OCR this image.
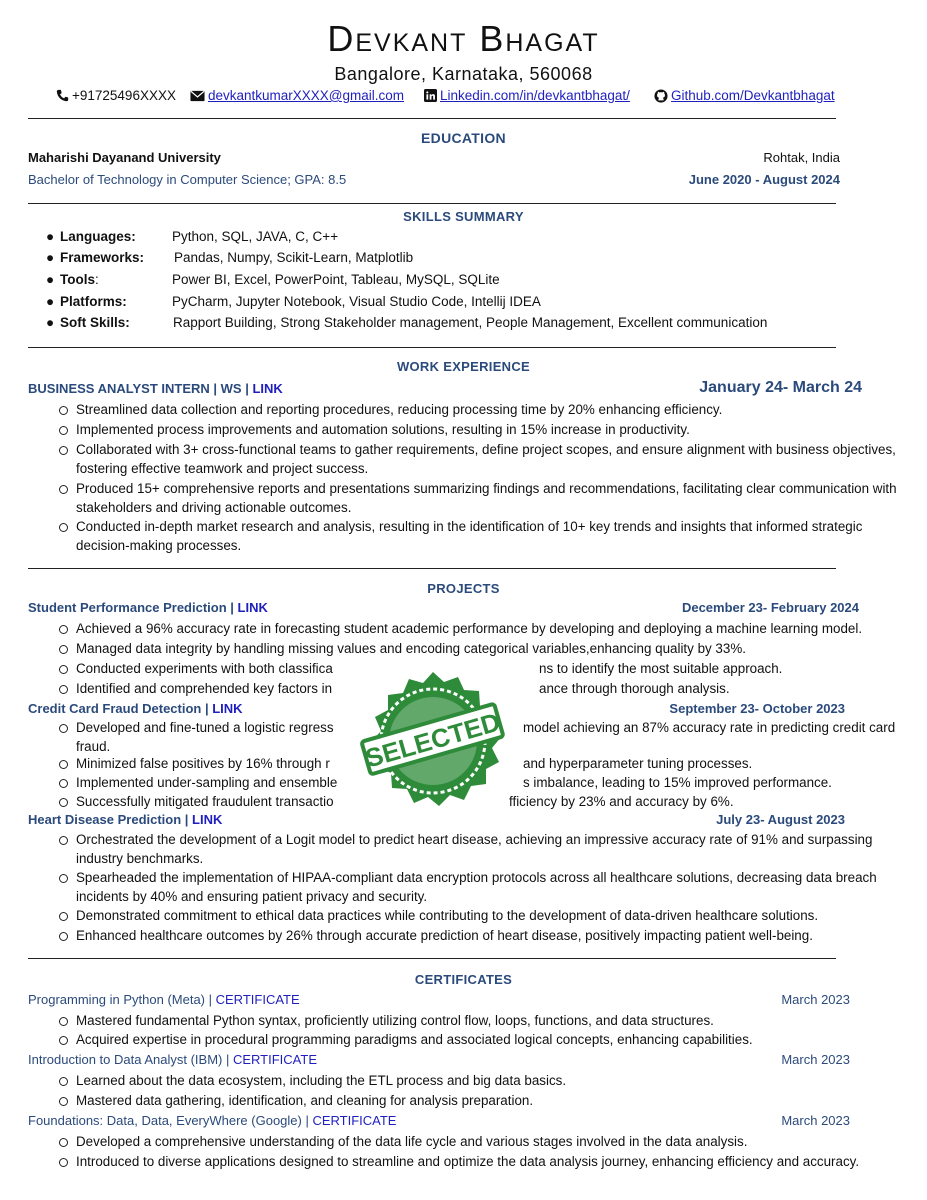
Devkant Bhagat
Bangalore, Karnataka, 560068
+91725496XXXX devkantkumarXXXX@gmail.com	Linkedin.com/in/devkantbhagat/	Github.com/Devkantbhagat
EDUCATION
Maharishi Dayanand University	Rohtak, India
Bachelor of Technology in Computer Science; GPA: 8.5	June 2020 - August 2024
SKILLS SUMMARY
● Languages:	Python, SQL, JAVA, C, C++
● Frameworks: Pandas, Numpy, Scikit-Learn, Matplotlib
● Tools:	Power BI, Excel, PowerPoint, Tableau, MySQL, SQLite
● Platforms:	PyCharm, Jupyter Notebook, Visual Studio Code, Intellij IDEA
● Soft Skills:	Rapport Building, Strong Stakeholder management, People Management, Excellent communication
WORK EXPERIENCE
BUSINESS ANALYST INTERN | WS | LINK	January 24- March 24
Streamlined data collection and reporting procedures, reducing processing time by 20% enhancing efficiency.
Implemented process improvements and automation solutions, resulting in 15% increase in productivity.
Collaborated with 3+ cross-functional teams to gather requirements, define project scopes, and ensure alignment with business objectives, fostering effective teamwork and project success.
Produced 15+ comprehensive reports and presentations summarizing findings and recommendations, facilitating clear communication with stakeholders and driving actionable outcomes.
Conducted in-depth market research and analysis, resulting in the identification of 10+ key trends and insights that informed strategic decision-making processes.
PROJECTS
Student Performance Prediction | LINK	December 23- February 2024
Achieved a 96% accuracy rate in forecasting student academic performance by developing and deploying a machine learning model.
Managed data integrity by handling missing values and encoding categorical variables,enhancing quality by 33%.
Conducted experiments with both classifica	ns to identify the most suitable approach.
Identified and comprehended key factors in	ance through thorough analysis.
Credit Card Fraud Detection | LINK	September 23- October 2023
Developed and fine-tuned a logistic regress	model achieving an 87% accuracy rate in predicting credit card

fraud.
Minimized false positives by 16% through r	and hyperparameter tuning processes.
Implemented under-sampling and ensemble	s imbalance, leading to 15% improved performance.
Successfully mitigated fraudulent transactio	fficiency by 23% and accuracy by 6%.
Heart Disease Prediction | LINK	July 23- August 2023
Orchestrated the development of a Logit model to predict heart disease, achieving an impressive accuracy rate of 91% and surpassing industry benchmarks.
Spearheaded the implementation of HIPAA-compliant data encryption protocols across all healthcare solutions, decreasing data breach incidents by 40% and ensuring patient privacy and security.
Demonstrated commitment to ethical data practices while contributing to the development of data-driven healthcare solutions.
Enhanced healthcare outcomes by 26% through accurate prediction of heart disease, positively impacting patient well-being.
SELECTED
CERTIFICATES
Programming in Python (Meta) | CERTIFICATE	March 2023
Mastered fundamental Python syntax, proficiently utilizing control flow, loops, functions, and data structures.
Acquired expertise in procedural programming paradigms and associated logical concepts, enhancing capabilities.
Introduction to Data Analyst (IBM) | CERTIFICATE	March 2023
Learned about the data ecosystem, including the ETL process and big data basics.
Mastered data gathering, identification, and cleaning for analysis preparation.
Foundations: Data, Data, EveryWhere (Google) | CERTIFICATE	March 2023
Developed a comprehensive understanding of the data life cycle and various stages involved in the data analysis.
Introduced to diverse applications designed to streamline and optimize the data analysis journey, enhancing efficiency and accuracy.
